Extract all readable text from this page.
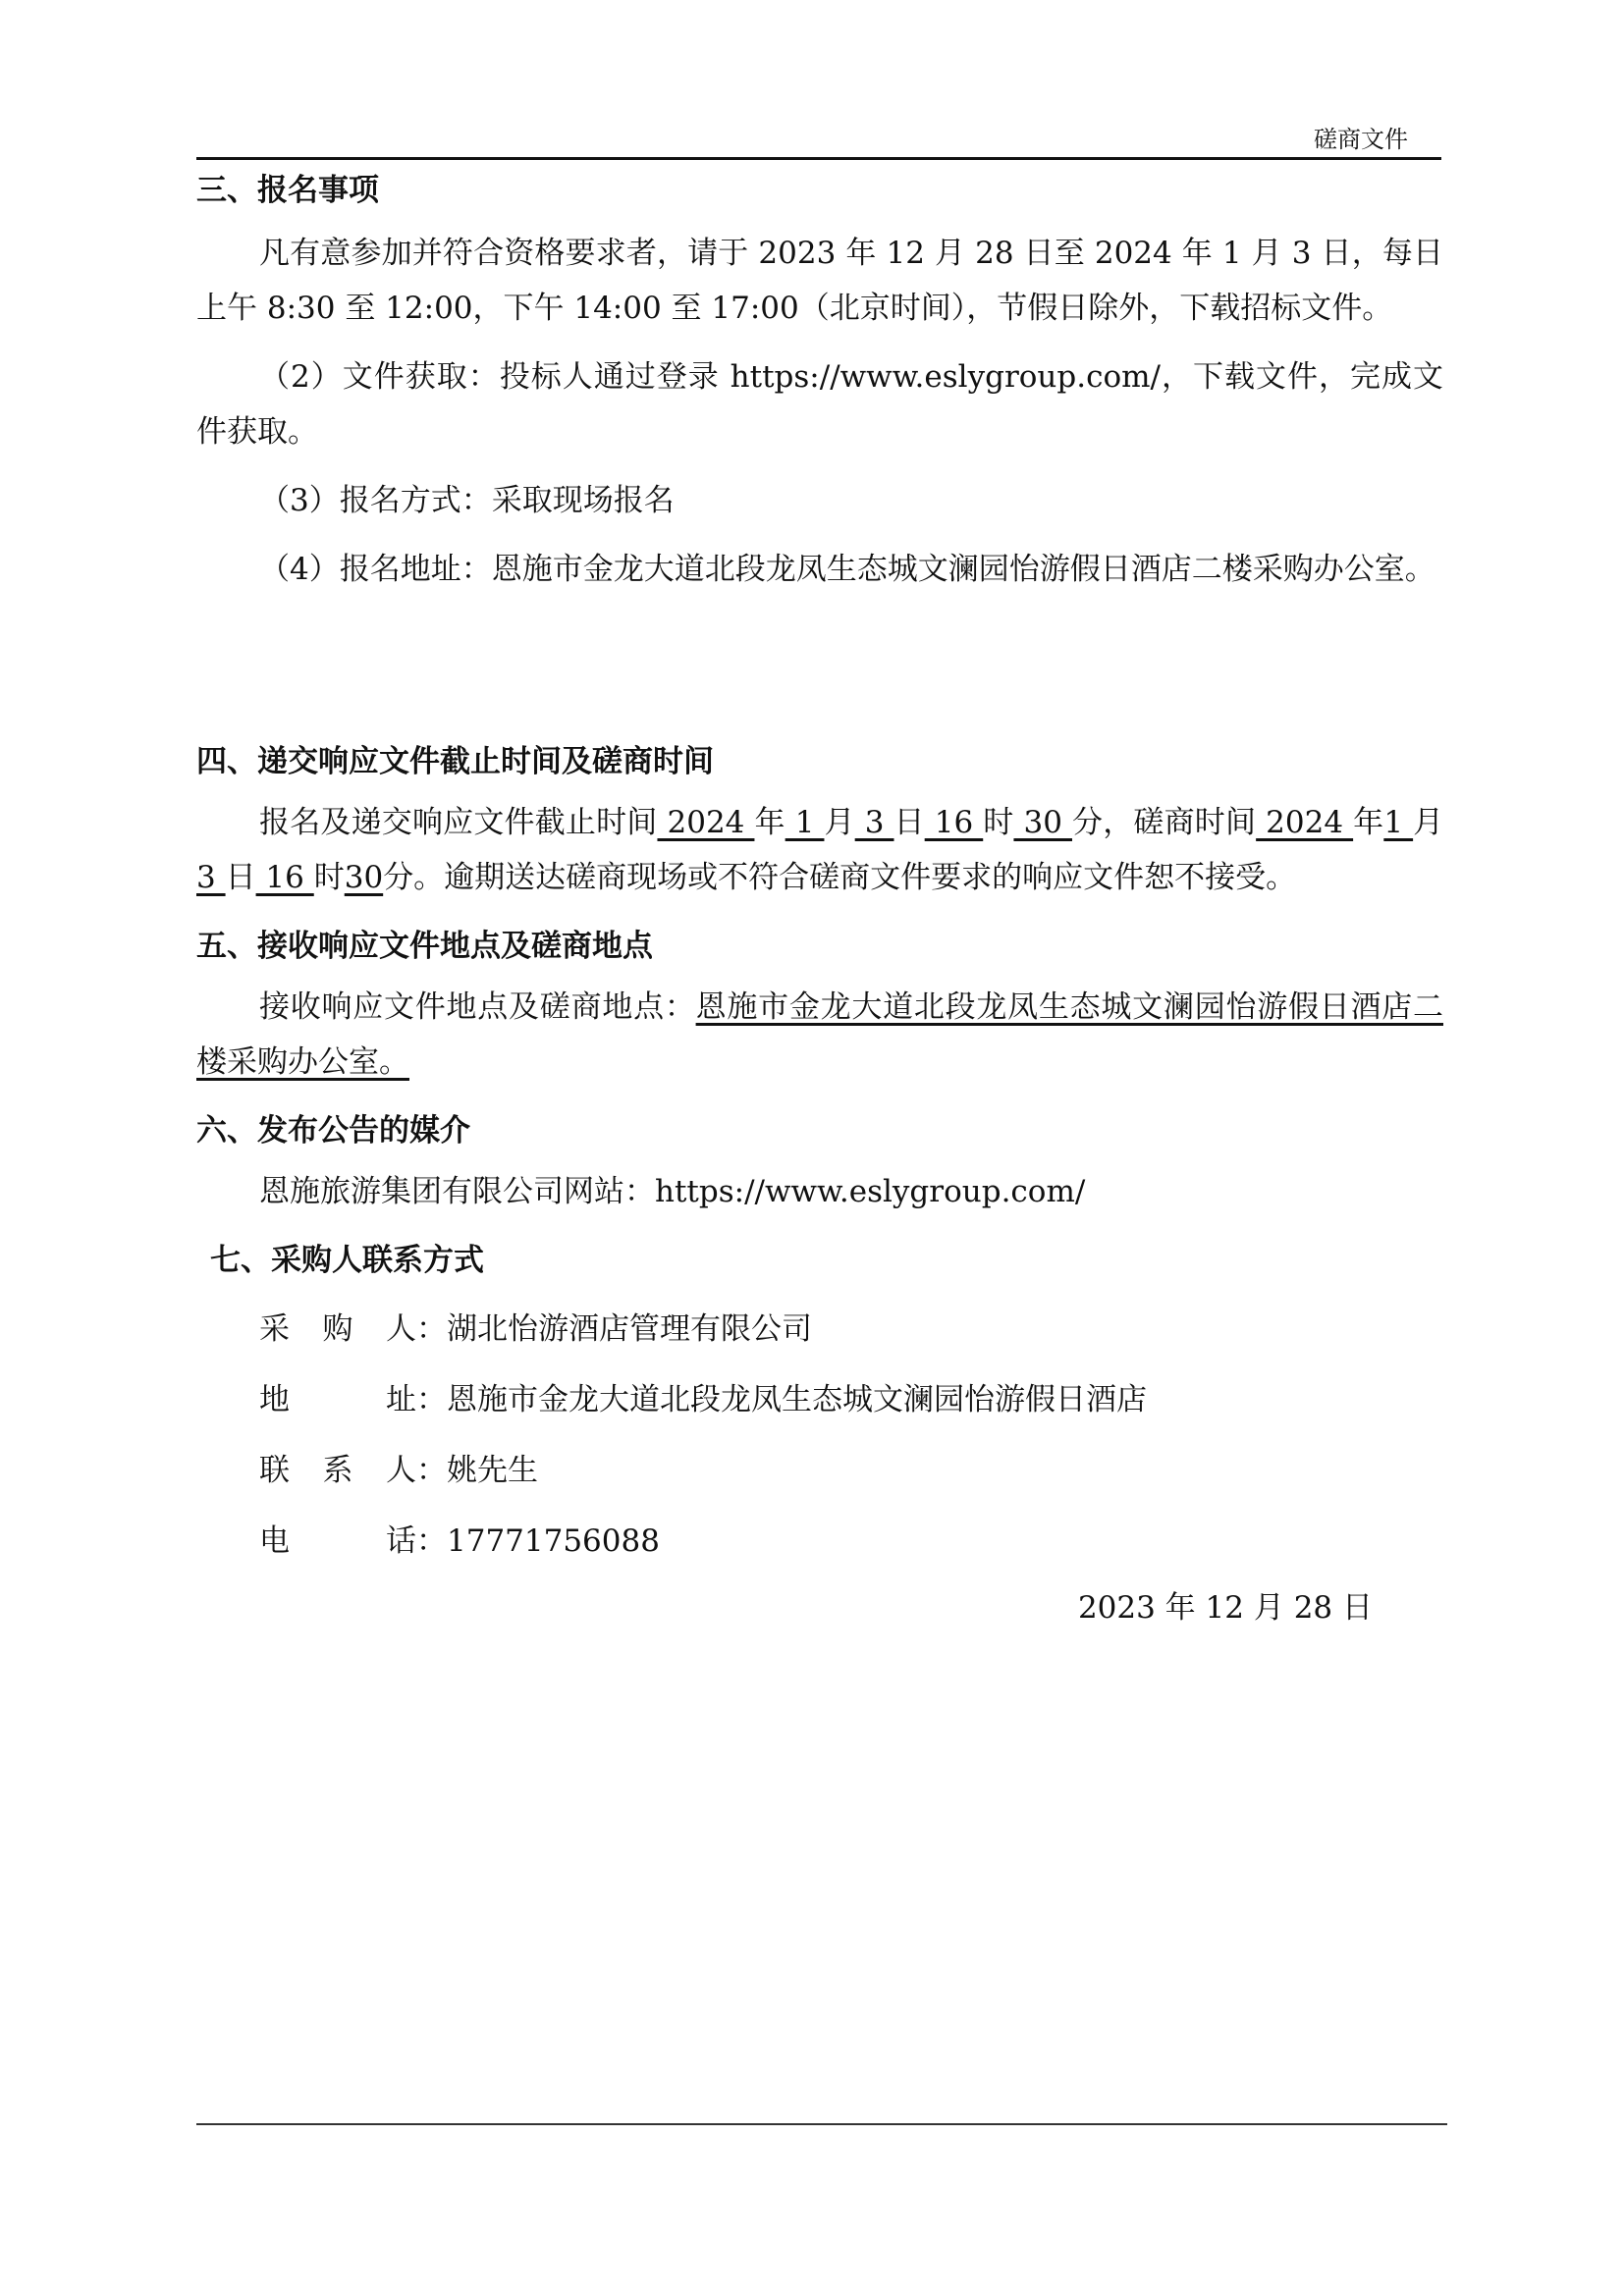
磋商文件
三、报名事项
凡有意参加并符合资格要求者，请于 2023 年 12 月 28 日至 2024 年 1 月 3 日，每日上午 8:30 至 12:00，下午 14:00 至 17:00（北京时间），节假日除外，下载招标文件。
（2）文件获取：投标人通过登录 https://www.eslygroup.com/，下载文件，完成文件获取。
（3）报名方式：采取现场报名
（4）报名地址：恩施市金龙大道北段龙凤生态城文澜园怡游假日酒店二楼采购办公室。
四、递交响应文件截止时间及磋商时间
报名及递交响应文件截止时间 2024 年 1 月 3 日 16 时 30 分，磋商时间 2024 年1 月 3 日 16 时30分。逾期送达磋商现场或不符合磋商文件要求的响应文件恕不接受。
五、接收响应文件地点及磋商地点
接收响应文件地点及磋商地点：恩施市金龙大道北段龙凤生态城文澜园怡游假日酒店二楼采购办公室。
六、发布公告的媒介
恩施旅游集团有限公司网站：https://www.eslygroup.com/
七、采购人联系方式
采购人 ：湖北怡游酒店管理有限公司
地址 ：恩施市金龙大道北段龙凤生态城文澜园怡游假日酒店
联系人 ：姚先生
电话 ：17771756088
2023 年 12 月 28 日
